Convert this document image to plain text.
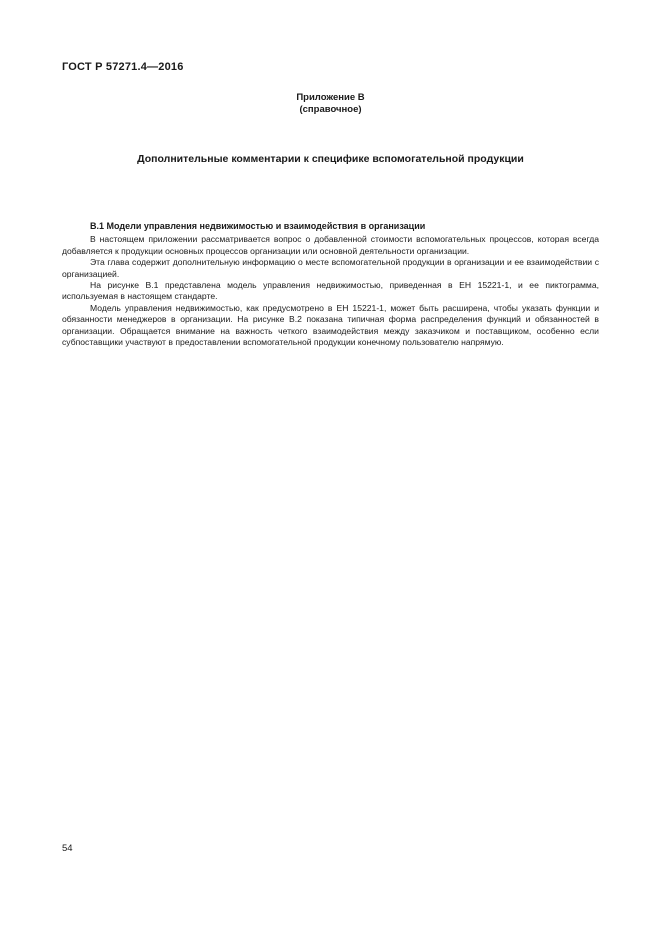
ГОСТ Р 57271.4—2016
Приложение В
(справочное)
Дополнительные комментарии к специфике вспомогательной продукции

В.1 Модели управления недвижимостью и взаимодействия в организации

В настоящем приложении рассматривается вопрос о добавленной стоимости вспомогательных процессов, которая всегда добавляется к продукции основных процессов организации или основной деятельности организации.

Эта глава содержит дополнительную информацию о месте вспомогательной продукции в организации и ее взаимодействии с организацией.

На рисунке В.1 представлена модель управления недвижимостью, приведенная в ЕН 15221-1, и ее пиктограмма, используемая в настоящем стандарте.

Модель управления недвижимостью, как предусмотрено в ЕН 15221-1, может быть расширена, чтобы указать функции и обязанности менеджеров в организации. На рисунке В.2 показана типичная форма распределения функций и обязанностей в организации. Обращается внимание на важность четкого взаимодействия между заказчиком и поставщиком, особенно если субпоставщики участвуют в предоставлении вспомогательной продукции конечному пользователю напрямую.

54
